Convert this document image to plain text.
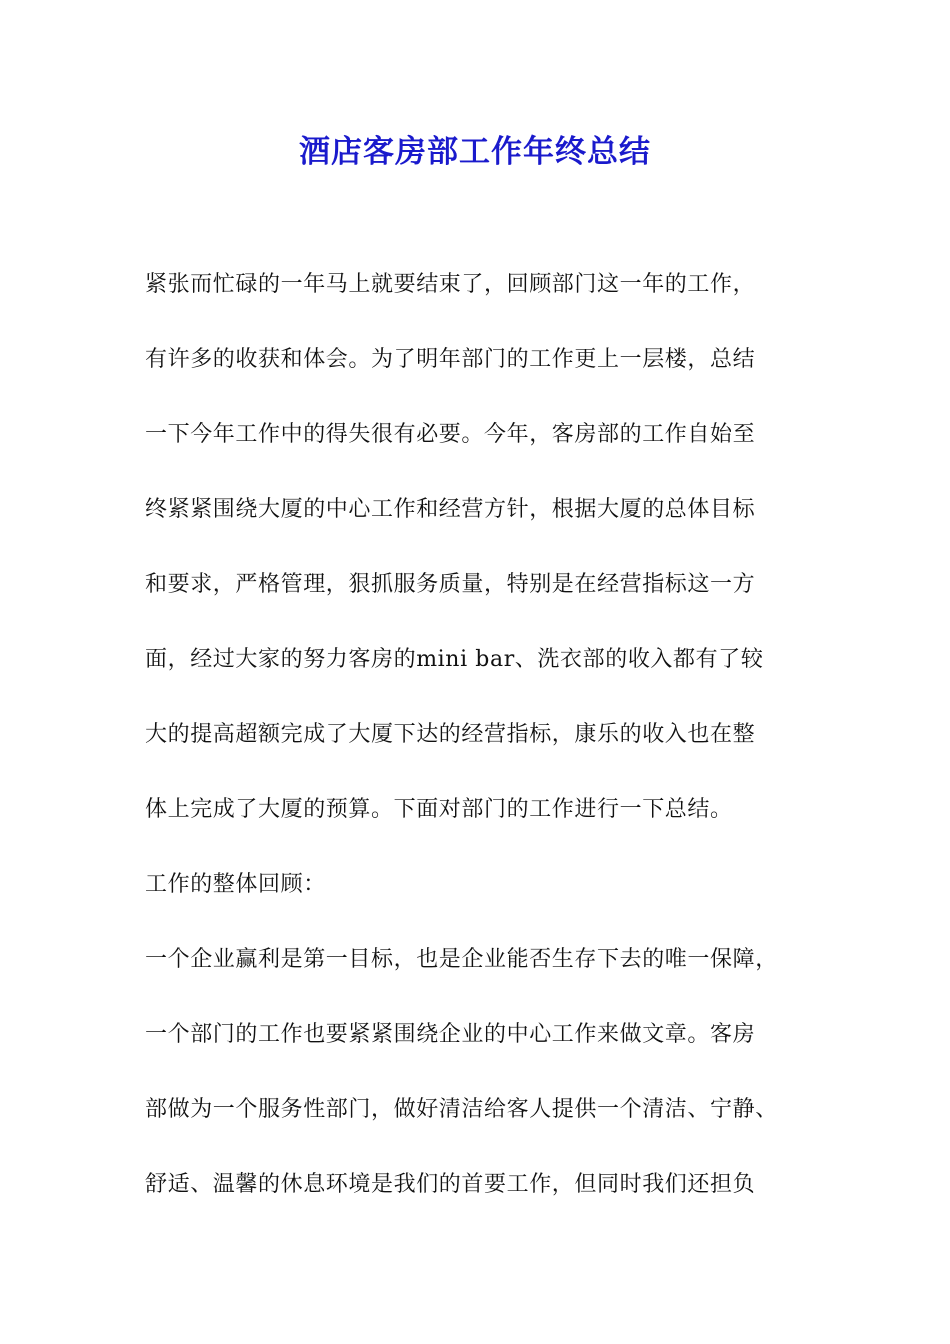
酒店客房部工作年终总结
紧张而忙碌的一年马上就要结束了，回顾部门这一年的工作，
有许多的收获和体会。为了明年部门的工作更上一层楼，总结
一下今年工作中的得失很有必要。今年，客房部的工作自始至
终紧紧围绕大厦的中心工作和经营方针，根据大厦的总体目标
和要求，严格管理，狠抓服务质量，特别是在经营指标这一方
面，经过大家的努力客房的mini bar、洗衣部的收入都有了较
大的提高超额完成了大厦下达的经营指标，康乐的收入也在整
体上完成了大厦的预算。下面对部门的工作进行一下总结。
工作的整体回顾：
一个企业赢利是第一目标，也是企业能否生存下去的唯一保障，
一个部门的工作也要紧紧围绕企业的中心工作来做文章。客房
部做为一个服务性部门，做好清洁给客人提供一个清洁、宁静、
舒适、温馨的休息环境是我们的首要工作，但同时我们还担负
